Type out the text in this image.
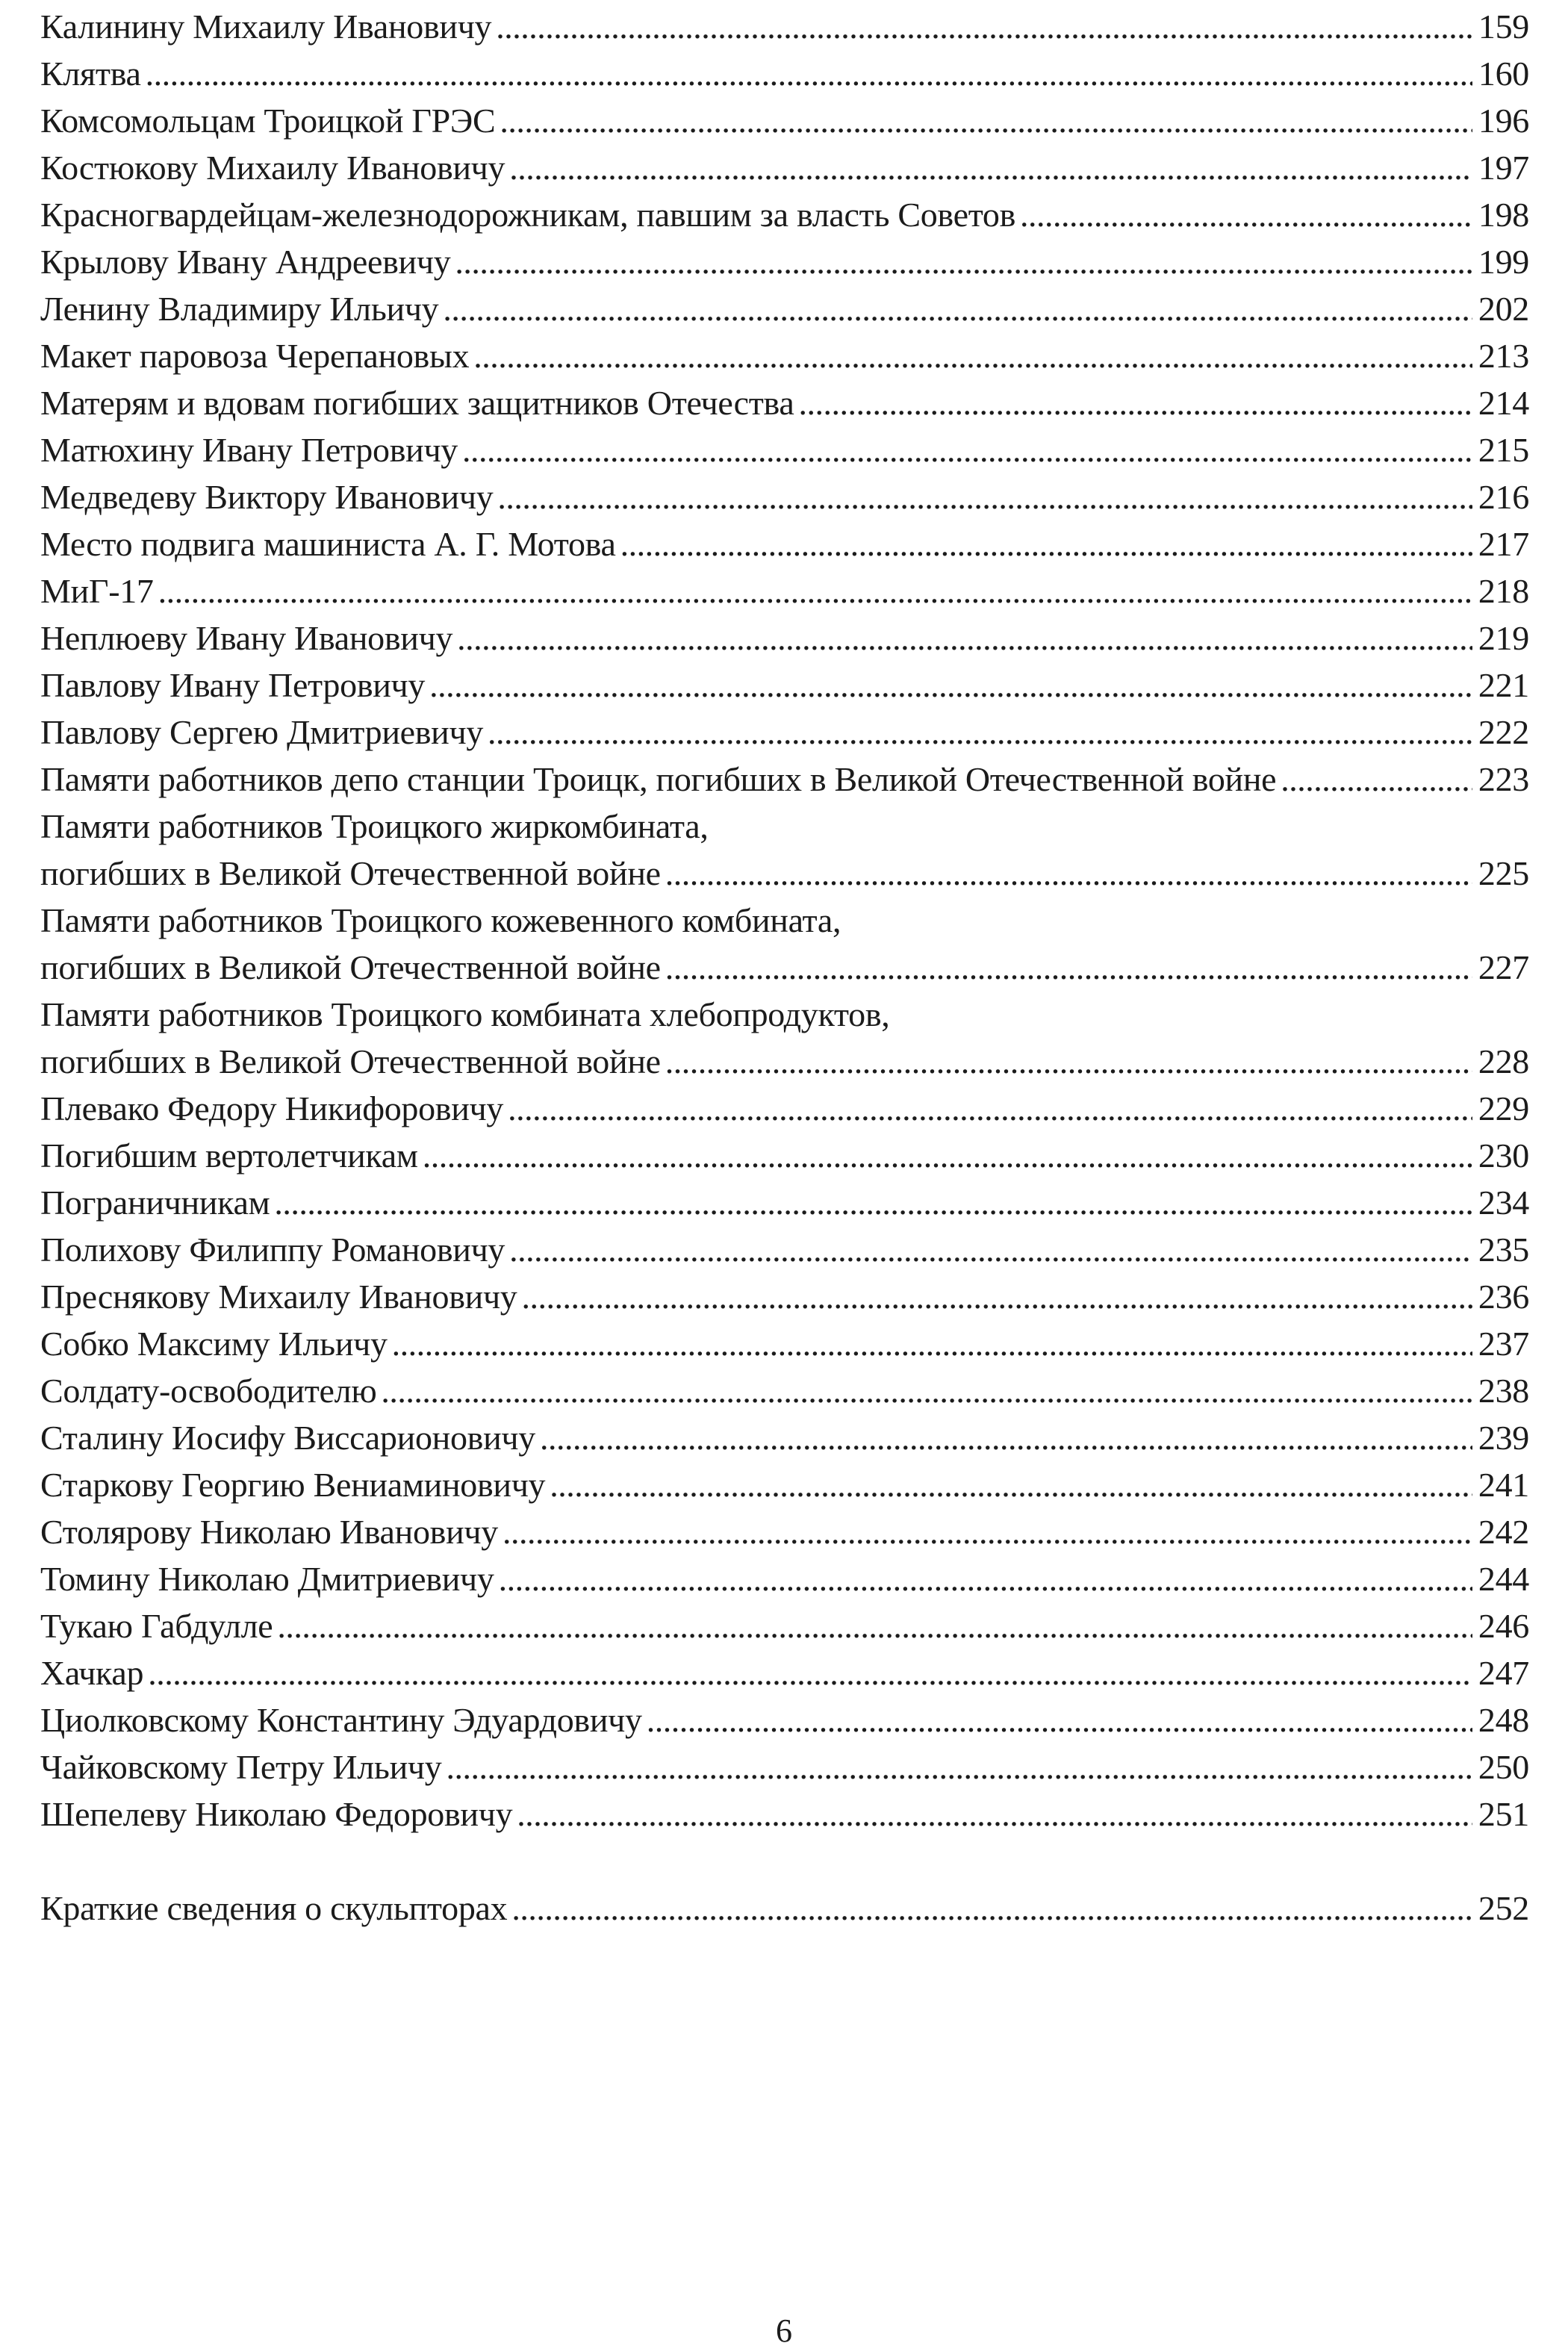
Калинину Михаилу Ивановичу .....	159
Клятва .....	160
Комсомольцам Троицкой ГРЭС .....	196
Костюкову Михаилу Ивановичу .....	197
Красногвардейцам-железнодорожникам, павшим за власть Советов .....	198
Крылову Ивану Андреевичу .....	199
Ленину Владимиру Ильичу .....	202
Макет паровоза Черепановых .....	213
Матерям и вдовам погибших защитников Отечества .....	214
Матюхину Ивану Петровичу .....	215
Медведеву Виктору Ивановичу .....	216
Место подвига машиниста А. Г. Мотова .....	217
МиГ-17 .....	218
Неплюеву Ивану Ивановичу .....	219
Павлову Ивану Петровичу .....	221
Павлову Сергею Дмитриевичу .....	222
Памяти работников депо станции Троицк, погибших в Великой Отечественной войне .....	223
Памяти работников Троицкого жиркомбината,
погибших в Великой Отечественной войне .....	225
Памяти работников Троицкого кожевенного комбината,
погибших в Великой Отечественной войне .....	227
Памяти работников Троицкого комбината хлебопродуктов,
погибших в Великой Отечественной войне .....	228
Плевако Федору Никифоровичу .....	229
Погибшим вертолетчикам .....	230
Пограничникам .....	234
Полихову Филиппу Романовичу .....	235
Преснякову Михаилу Ивановичу .....	236
Собко Максиму Ильичу .....	237
Солдату-освободителю .....	238
Сталину Иосифу Виссарионовичу .....	239
Старкову Георгию Вениаминовичу .....	241
Столярову Николаю Ивановичу .....	242
Томину Николаю Дмитриевичу .....	244
Тукаю Габдулле .....	246
Хачкар .....	247
Циолковскому Константину Эдуардовичу .....	248
Чайковскому Петру Ильичу .....	250
Шепелеву Николаю Федоровичу .....	251
Краткие сведения о скульпторах .....	252
6
